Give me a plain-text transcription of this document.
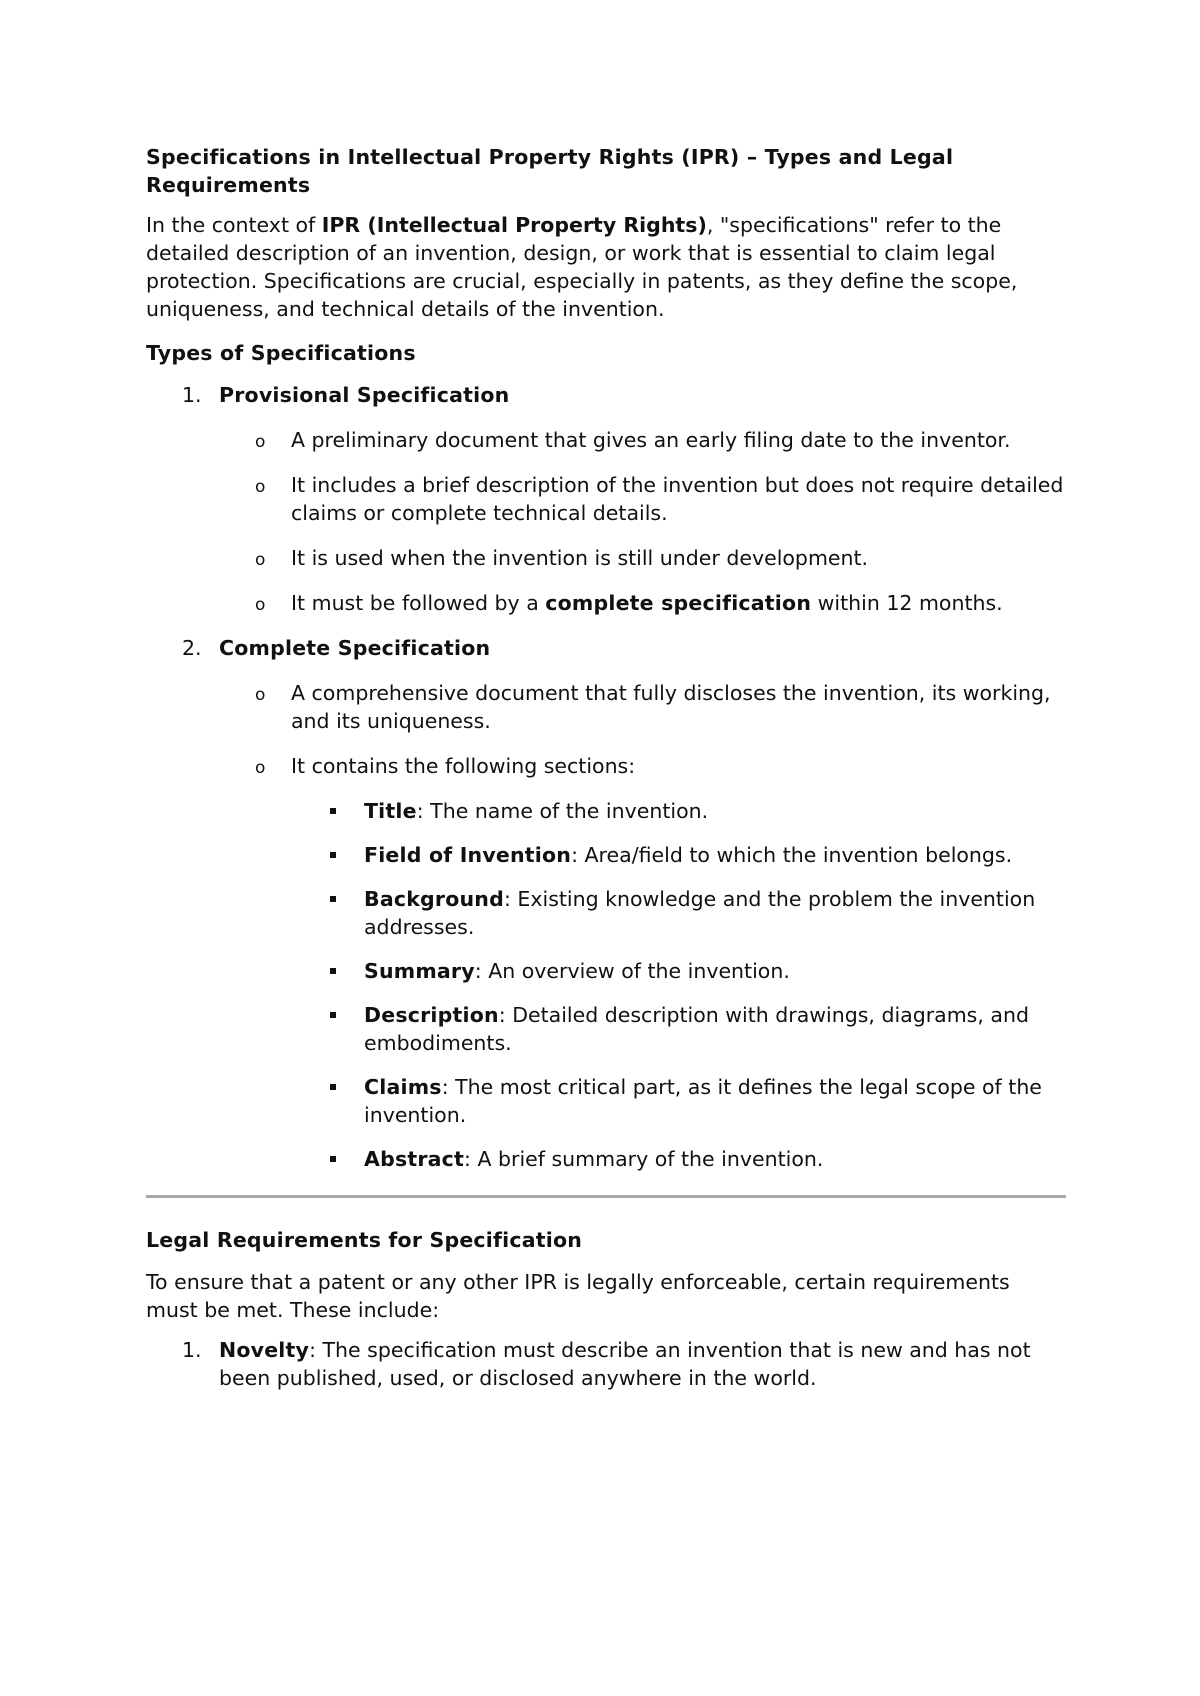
Specifications in Intellectual Property Rights (IPR) – Types and Legal Requirements

In the context of IPR (Intellectual Property Rights), "specifications" refer to the detailed description of an invention, design, or work that is essential to claim legal protection. Specifications are crucial, especially in patents, as they define the scope, uniqueness, and technical details of the invention.

Types of Specifications
1. Provisional Specification
o A preliminary document that gives an early filing date to the inventor.
o It includes a brief description of the invention but does not require detailed claims or complete technical details.
o It is used when the invention is still under development.
o It must be followed by a complete specification within 12 months.
2. Complete Specification
o A comprehensive document that fully discloses the invention, its working, and its uniqueness.
o It contains the following sections:
Title: The name of the invention.
Field of Invention: Area/field to which the invention belongs.
Background: Existing knowledge and the problem the invention addresses.
Summary: An overview of the invention.
Description: Detailed description with drawings, diagrams, and embodiments.
Claims: The most critical part, as it defines the legal scope of the invention.
Abstract: A brief summary of the invention.
Legal Requirements for Specification

To ensure that a patent or any other IPR is legally enforceable, certain requirements must be met. These include:

1. Novelty: The specification must describe an invention that is new and has not been published, used, or disclosed anywhere in the world.
